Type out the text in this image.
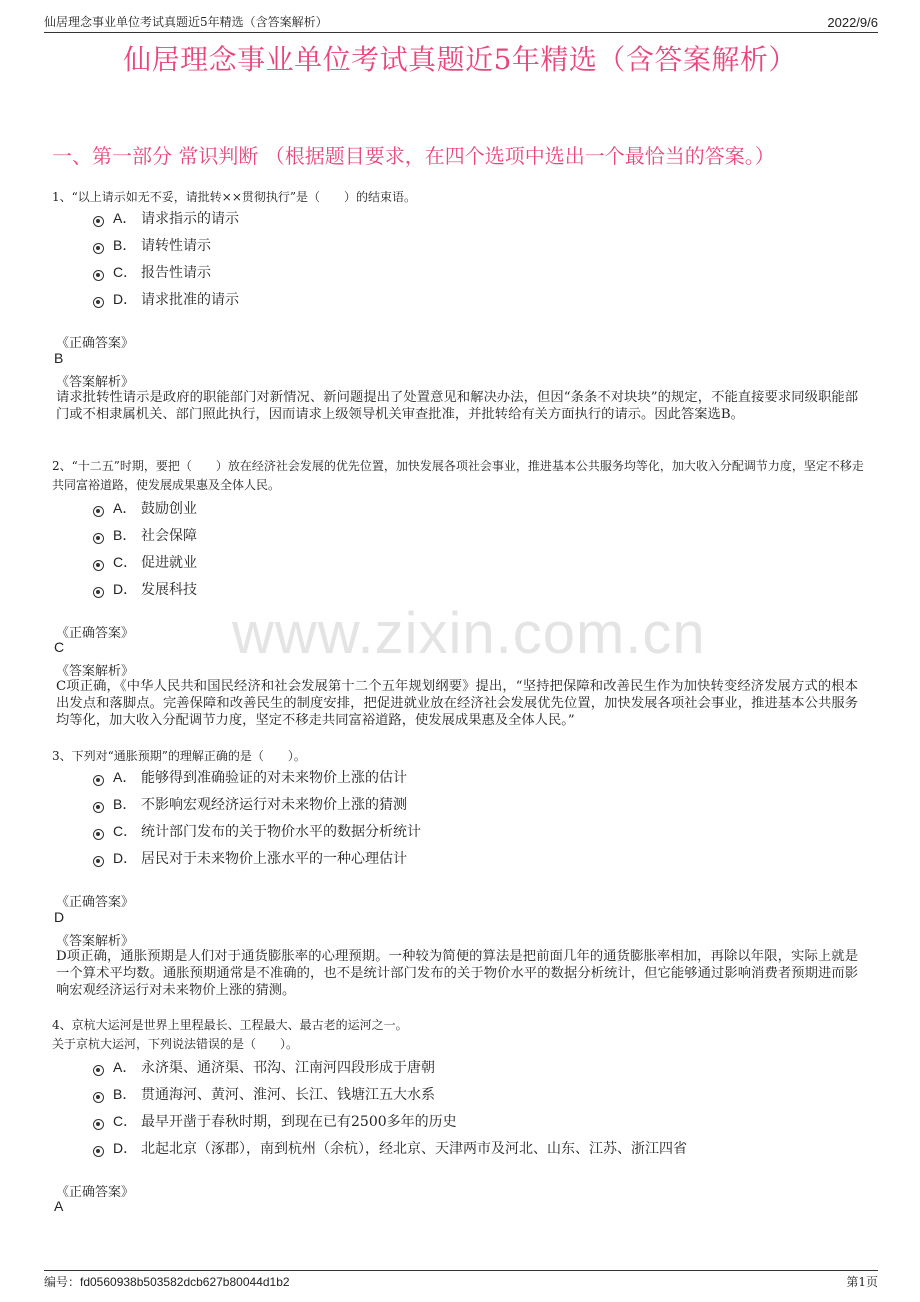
仙居理念事业单位考试真题近5年精选（含答案解析）	2022/9/6
仙居理念事业单位考试真题近5年精选（含答案解析）
一、第一部分 常识判断 （根据题目要求，在四个选项中选出一个最恰当的答案。）
www.zixin.com.cn
1、“以上请示如无不妥，请批转××贯彻执行”是（　　）的结束语。
A． 请求指示的请示
B． 请转性请示
C． 报告性请示
D． 请求批准的请示
《正确答案》
B
《答案解析》
请求批转性请示是政府的职能部门对新情况、新问题提出了处置意见和解决办法，但因“条条不对块块”的规定，不能直接要求同级职能部门或不相隶属机关、部门照此执行，因而请求上级领导机关审查批准，并批转给有关方面执行的请示。因此答案选B。
2、“十二五”时期，要把（　　）放在经济社会发展的优先位置，加快发展各项社会事业，推进基本公共服务均等化，加大收入分配调节力度，坚定不移走共同富裕道路，使发展成果惠及全体人民。
A． 鼓励创业
B． 社会保障
C． 促进就业
D． 发展科技
《正确答案》
C
《答案解析》
C项正确，《中华人民共和国民经济和社会发展第十二个五年规划纲要》提出，“坚持把保障和改善民生作为加快转变经济发展方式的根本出发点和落脚点。完善保障和改善民生的制度安排，把促进就业放在经济社会发展优先位置，加快发展各项社会事业，推进基本公共服务均等化，加大收入分配调节力度，坚定不移走共同富裕道路，使发展成果惠及全体人民。”
3、下列对“通胀预期”的理解正确的是（　　）。
A． 能够得到准确验证的对未来物价上涨的估计
B． 不影响宏观经济运行对未来物价上涨的猜测
C． 统计部门发布的关于物价水平的数据分析统计
D． 居民对于未来物价上涨水平的一种心理估计
《正确答案》
D
《答案解析》
D项正确，通胀预期是人们对于通货膨胀率的心理预期。一种较为简便的算法是把前面几年的通货膨胀率相加，再除以年限，实际上就是一个算术平均数。通胀预期通常是不准确的，也不是统计部门发布的关于物价水平的数据分析统计，但它能够通过影响消费者预期进而影响宏观经济运行对未来物价上涨的猜测。
4、京杭大运河是世界上里程最长、工程最大、最古老的运河之一。
关于京杭大运河，下列说法错误的是（　　）。
A． 永济渠、通济渠、邗沟、江南河四段形成于唐朝
B． 贯通海河、黄河、淮河、长江、钱塘江五大水系
C． 最早开凿于春秋时期，到现在已有2500多年的历史
D． 北起北京（涿郡），南到杭州（余杭），经北京、天津两市及河北、山东、江苏、浙江四省
《正确答案》
A
编号：fd0560938b503582dcb627b80044d1b2	第1页
